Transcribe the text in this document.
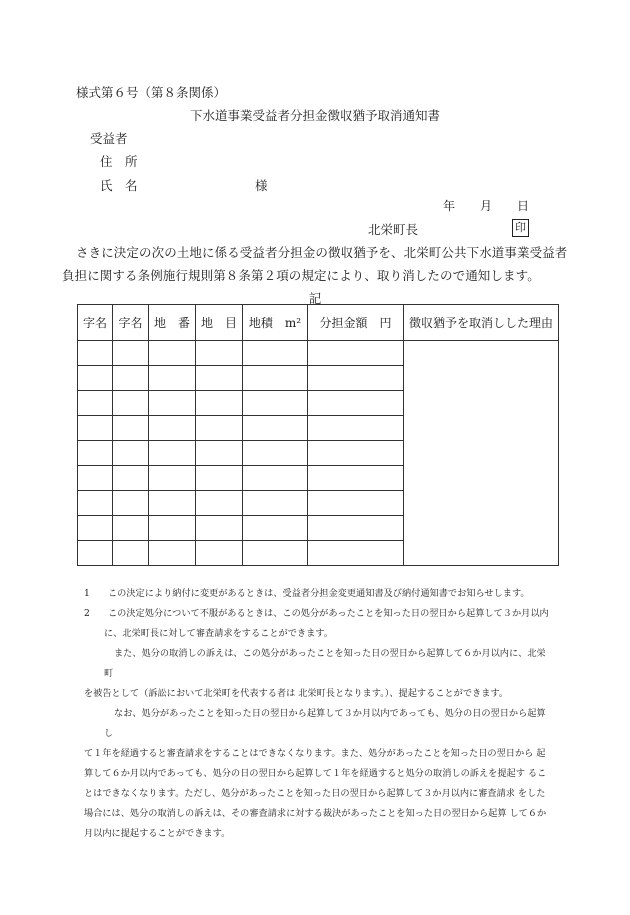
様式第６号（第８条関係）
下水道事業受益者分担金徴収猶予取消通知書
受益者
住　所
氏　名	様
年 月 日
北栄町長	印
さきに決定の次の土地に係る受益者分担金の徴収猶予を、北栄町公共下水道事業受益者
負担に関する条例施行規則第８条第２項の規定により、取り消したので通知します。
記
字名	字名	地　番	地　目	地積　m²	分担金額　円	徴収猶予を取消しした理由

1	この決定により納付に変更があるときは、受益者分担金変更通知書及び納付通知書でお知らせします。
2	この決定処分について不服があるときは、この処分があったことを知った日の翌日から起算して３か月以内
に、北栄町長に対して審査請求をすることができます。
また、処分の取消しの訴えは、この処分があったことを知った日の翌日から起算して６か月以内に、北栄町
を被告として（訴訟において北栄町を代表する者は 北栄町長となります。）、提起することができます。
なお、処分があったことを知った日の翌日から起算して３か月以内であっても、処分の日の翌日から起算し
て１年を経過すると審査請求をすることはできなくなります。また、処分があったことを知った日の翌日から 起算して６か月以内であっても、処分の日の翌日から起算して１年を経過すると処分の取消しの訴えを提起す ることはできなくなります。ただし、処分があったことを知った日の翌日から起算して３か月以内に審査請求 をした場合には、処分の取消しの訴えは、その審査請求に対する裁決があったことを知った日の翌日から起算 して６か月以内に提起することができます。
